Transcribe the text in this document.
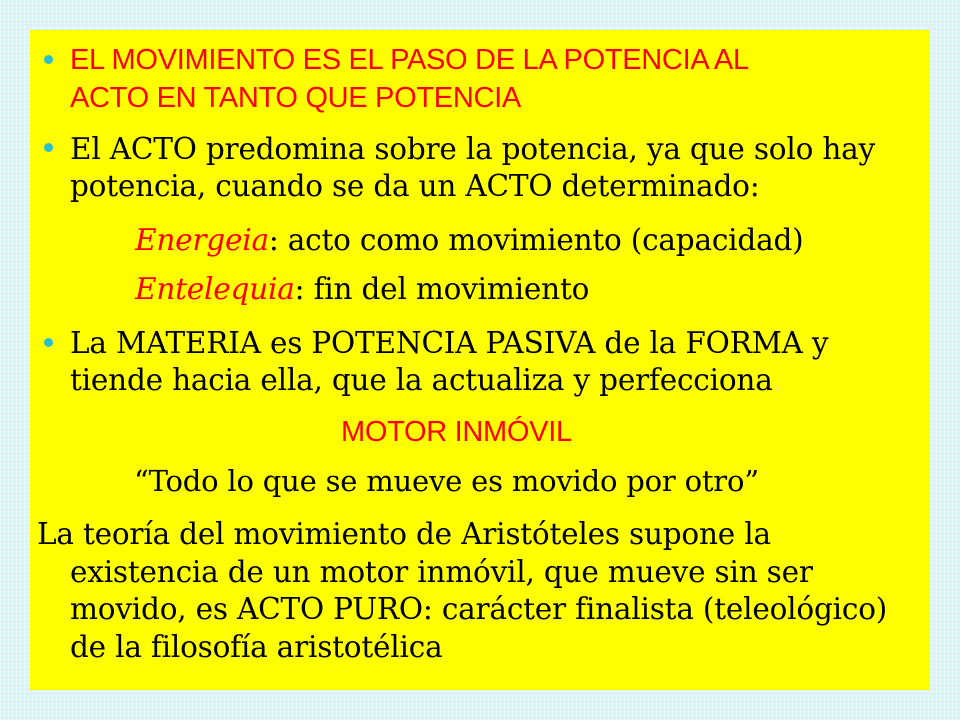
EL MOVIMIENTO ES EL PASO DE LA POTENCIA AL

ACTO EN TANTO QUE POTENCIA

El ACTO predomina sobre la potencia, ya que solo hay

potencia, cuando se da un ACTO determinado:

Energeia: acto como movimiento (capacidad)

Entelequia: fin del movimiento

La MATERIA es POTENCIA PASIVA de la FORMA y

tiende hacia ella, que la actualiza y perfecciona.

MOTOR INMÓVIL

“Todo lo que se mueve es movido por otro”

La teoría del movimiento de Aristóteles supone la

existencia de un motor inmóvil, que mueve sin ser

movido, es ACTO PURO: carácter finalista (teleológico)

de la filosofía aristotélica
